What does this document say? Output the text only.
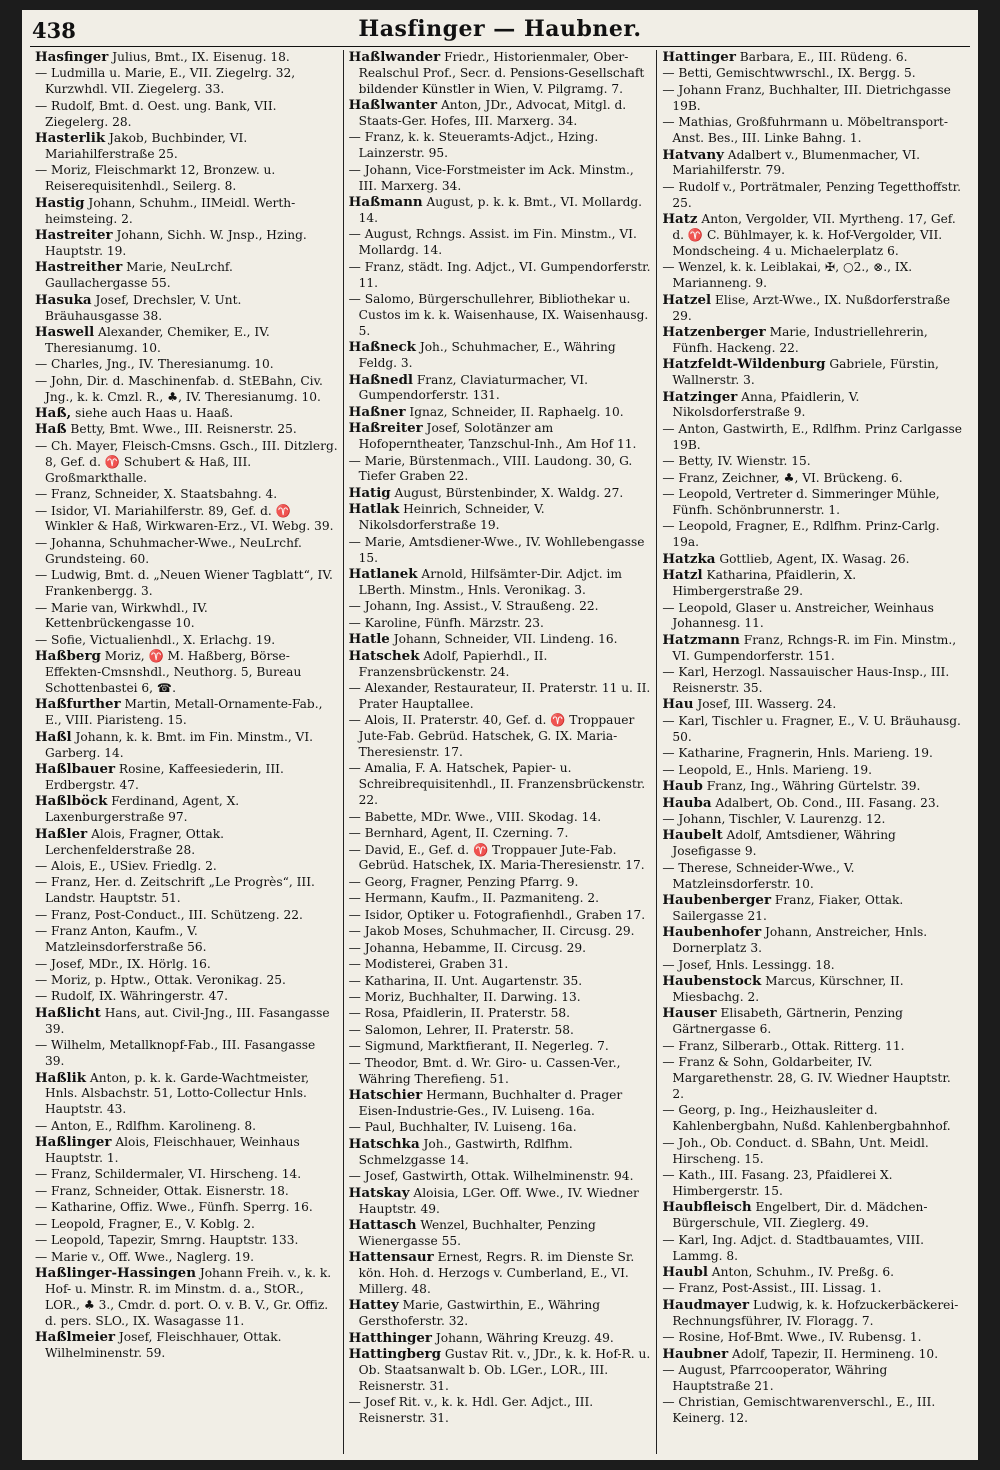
438	Hasfinger — Haubner.
Hasfinger Julius, Bmt., IX. Eisenug. 18.
— Ludmilla u. Marie, E., VII. Ziegelrg. 32, Kurzwhdl. VII. Ziegelerg. 33.
— Rudolf, Bmt. d. Oest. ung. Bank, VII. Ziegelerg. 28.
Hasterlik Jakob, Buchbinder, VI. Mariahilferstraße 25.
— Moriz, Fleischmarkt 12, Bronzew. u. Reiserequisitenhdl., Seilerg. 8.
Hastig Johann, Schuhm., IIMeidl. Werth-heimsteing. 2.
Hastreiter Johann, Sichh. W. Jnsp., Hzing. Hauptstr. 19.
Hastreither Marie, NeuLrchf. Gaullachergasse 55.
Hasuka Josef, Drechsler, V. Unt. Bräuhausgasse 38.
Haswell Alexander, Chemiker, E., IV. Theresianumg. 10.
— Charles, Jng., IV. Theresianumg. 10.
— John, Dir. d. Maschinenfab. d. StEBahn, Civ. Jng., k. k. Cmzl. R., ♣, IV. Theresianumg. 10.
Haß, siehe auch Haas u. Haaß.
Haß Betty, Bmt. Wwe., III. Reisnerstr. 25.
— Ch. Mayer, Fleisch-Cmsns. Gsch., III. Ditzlerg. 8, Gef. d. ♈ Schubert & Haß, III. Großmarkthalle.
— Franz, Schneider, X. Staatsbahng. 4.
— Isidor, VI. Mariahilferstr. 89, Gef. d. ♈ Winkler & Haß, Wirkwaren-Erz., VI. Webg. 39.
— Johanna, Schuhmacher-Wwe., NeuLrchf. Grundsteing. 60.
— Ludwig, Bmt. d. „Neuen Wiener Tagblatt“, IV. Frankenbergg. 3.
— Marie van, Wirkwhdl., IV. Kettenbrückengasse 10.
— Sofie, Victualienhdl., X. Erlachg. 19.
Haßberg Moriz, ♈ M. Haßberg, Börse-Effekten-Cmsnshdl., Neuthorg. 5, Bureau Schottenbastei 6, ☎.
Haßfurther Martin, Metall-Ornamente-Fab., E., VIII. Piaristeng. 15.
Haßl Johann, k. k. Bmt. im Fin. Minstm., VI. Garberg. 14.
Haßlbauer Rosine, Kaffeesiederin, III. Erdbergstr. 47.
Haßlböck Ferdinand, Agent, X. Laxenburgerstraße 97.
Haßler Alois, Fragner, Ottak. Lerchenfelderstraße 28.
— Alois, E., USiev. Friedlg. 2.
— Franz, Her. d. Zeitschrift „Le Progrès“, III. Landstr. Hauptstr. 51.
— Franz, Post-Conduct., III. Schützeng. 22.
— Franz Anton, Kaufm., V. Matzleinsdorferstraße 56.
— Josef, MDr., IX. Hörlg. 16.
— Moriz, p. Hptw., Ottak. Veronikag. 25.
— Rudolf, IX. Währingerstr. 47.
Haßlicht Hans, aut. Civil-Jng., III. Fasangasse 39.
— Wilhelm, Metallknopf-Fab., III. Fasangasse 39.
Haßlik Anton, p. k. k. Garde-Wachtmeister, Hnls. Alsbachstr. 51, Lotto-Collectur Hnls. Hauptstr. 43.
— Anton, E., Rdlfhm. Karolineng. 8.
Haßlinger Alois, Fleischhauer, Weinhaus Hauptstr. 1.
— Franz, Schildermaler, VI. Hirscheng. 14.
— Franz, Schneider, Ottak. Eisnerstr. 18.
— Katharine, Offiz. Wwe., Fünfh. Sperrg. 16.
— Leopold, Fragner, E., V. Koblg. 2.
— Leopold, Tapezir, Smrng. Hauptstr. 133.
— Marie v., Off. Wwe., Naglerg. 19.
Haßlinger-Hassingen Johann Freih. v., k. k. Hof- u. Minstr. R. im Minstm. d. a., StOR., LOR., ♣ 3., Cmdr. d. port. O. v. B. V., Gr. Offiz. d. pers. SLO., IX. Wasagasse 11.
Haßlmeier Josef, Fleischhauer, Ottak. Wilhelminenstr. 59.
Haßlwander Friedr., Historienmaler, Ober-Realschul Prof., Secr. d. Pensions-Gesellschaft bildender Künstler in Wien, V. Pilgramg. 7.
Haßlwanter Anton, JDr., Advocat, Mitgl. d. Staats-Ger. Hofes, III. Marxerg. 34.
— Franz, k. k. Steueramts-Adjct., Hzing. Lainzerstr. 95.
— Johann, Vice-Forstmeister im Ack. Minstm., III. Marxerg. 34.
Haßmann August, p. k. k. Bmt., VI. Mollardg. 14.
— August, Rchngs. Assist. im Fin. Minstm., VI. Mollardg. 14.
— Franz, städt. Ing. Adjct., VI. Gumpendorferstr. 11.
— Salomo, Bürgerschullehrer, Bibliothekar u. Custos im k. k. Waisenhause, IX. Waisenhausg. 5.
Haßneck Joh., Schuhmacher, E., Währing Feldg. 3.
Haßnedl Franz, Claviaturmacher, VI. Gumpendorferstr. 131.
Haßner Ignaz, Schneider, II. Raphaelg. 10.
Haßreiter Josef, Solotänzer am Hofoperntheater, Tanzschul-Inh., Am Hof 11.
— Marie, Bürstenmach., VIII. Laudong. 30, G. Tiefer Graben 22.
Hatig August, Bürstenbinder, X. Waldg. 27.
Hatlak Heinrich, Schneider, V. Nikolsdorferstraße 19.
— Marie, Amtsdiener-Wwe., IV. Wohllebengasse 15.
Hatlanek Arnold, Hilfsämter-Dir. Adjct. im LBerth. Minstm., Hnls. Veronikag. 3.
— Johann, Ing. Assist., V. Straußeng. 22.
— Karoline, Fünfh. Märzstr. 23.
Hatle Johann, Schneider, VII. Lindeng. 16.
Hatschek Adolf, Papierhdl., II. Franzensbrückenstr. 24.
— Alexander, Restaurateur, II. Praterstr. 11 u. II. Prater Hauptallee.
— Alois, II. Praterstr. 40, Gef. d. ♈ Troppauer Jute-Fab. Gebrüd. Hatschek, G. IX. Maria-Theresienstr. 17.
— Amalia, F. A. Hatschek, Papier- u. Schreibrequisitenhdl., II. Franzensbrückenstr. 22.
— Babette, MDr. Wwe., VIII. Skodag. 14.
— Bernhard, Agent, II. Czerning. 7.
— David, E., Gef. d. ♈ Troppauer Jute-Fab. Gebrüd. Hatschek, IX. Maria-Theresienstr. 17.
— Georg, Fragner, Penzing Pfarrg. 9.
— Hermann, Kaufm., II. Pazmaniteng. 2.
— Isidor, Optiker u. Fotografienhdl., Graben 17.
— Jakob Moses, Schuhmacher, II. Circusg. 29.
— Johanna, Hebamme, II. Circusg. 29.
— Modisterei, Graben 31.
— Katharina, II. Unt. Augartenstr. 35.
— Moriz, Buchhalter, II. Darwing. 13.
— Rosa, Pfaidlerin, II. Praterstr. 58.
— Salomon, Lehrer, II. Praterstr. 58.
— Sigmund, Marktfierant, II. Negerleg. 7.
— Theodor, Bmt. d. Wr. Giro- u. Cassen-Ver., Währing Therefieng. 51.
Hatschier Hermann, Buchhalter d. Prager Eisen-Industrie-Ges., IV. Luiseng. 16a.
— Paul, Buchhalter, IV. Luiseng. 16a.
Hatschka Joh., Gastwirth, Rdlfhm. Schmelzgasse 14.
— Josef, Gastwirth, Ottak. Wilhelminenstr. 94.
Hatskay Aloisia, LGer. Off. Wwe., IV. Wiedner Hauptstr. 49.
Hattasch Wenzel, Buchhalter, Penzing Wienergasse 55.
Hattensaur Ernest, Regrs. R. im Dienste Sr. kön. Hoh. d. Herzogs v. Cumberland, E., VI. Millerg. 48.
Hattey Marie, Gastwirthin, E., Währing Gersthoferstr. 32.
Hatthinger Johann, Währing Kreuzg. 49.
Hattingberg Gustav Rit. v., JDr., k. k. Hof-R. u. Ob. Staatsanwalt b. Ob. LGer., LOR., III. Reisnerstr. 31.
— Josef Rit. v., k. k. Hdl. Ger. Adjct., III. Reisnerstr. 31.
Hattinger Barbara, E., III. Rüdeng. 6.
— Betti, Gemischtwwrschl., IX. Bergg. 5.
— Johann Franz, Buchhalter, III. Dietrichgasse 19B.
— Mathias, Großfuhrmann u. Möbeltransport-Anst. Bes., III. Linke Bahng. 1.
Hatvany Adalbert v., Blumenmacher, VI. Mariahilferstr. 79.
— Rudolf v., Porträtmaler, Penzing Tegetthoffstr. 25.
Hatz Anton, Vergolder, VII. Myrtheng. 17, Gef. d. ♈ C. Bühlmayer, k. k. Hof-Vergolder, VII. Mondscheing. 4 u. Michaelerplatz 6.
— Wenzel, k. k. Leiblakai, ✠, ○2., ⊗., IX. Marianneng. 9.
Hatzel Elise, Arzt-Wwe., IX. Nußdorferstraße 29.
Hatzenberger Marie, Industriellehrerin, Fünfh. Hackeng. 22.
Hatzfeldt-Wildenburg Gabriele, Fürstin, Wallnerstr. 3.
Hatzinger Anna, Pfaidlerin, V. Nikolsdorferstraße 9.
— Anton, Gastwirth, E., Rdlfhm. Prinz Carlgasse 19B.
— Betty, IV. Wienstr. 15.
— Franz, Zeichner, ♣, VI. Brückeng. 6.
— Leopold, Vertreter d. Simmeringer Mühle, Fünfh. Schönbrunnerstr. 1.
— Leopold, Fragner, E., Rdlfhm. Prinz-Carlg. 19a.
Hatzka Gottlieb, Agent, IX. Wasag. 26.
Hatzl Katharina, Pfaidlerin, X. Himbergerstraße 29.
— Leopold, Glaser u. Anstreicher, Weinhaus Johannesg. 11.
Hatzmann Franz, Rchngs-R. im Fin. Minstm., VI. Gumpendorferstr. 151.
— Karl, Herzogl. Nassauischer Haus-Insp., III. Reisnerstr. 35.
Hau Josef, III. Wasserg. 24.
— Karl, Tischler u. Fragner, E., V. U. Bräuhausg. 50.
— Katharine, Fragnerin, Hnls. Marieng. 19.
— Leopold, E., Hnls. Marieng. 19.
Haub Franz, Ing., Währing Gürtelstr. 39.
Hauba Adalbert, Ob. Cond., III. Fasang. 23.
— Johann, Tischler, V. Laurenzg. 12.
Haubelt Adolf, Amtsdiener, Währing Josefigasse 9.
— Therese, Schneider-Wwe., V. Matzleinsdorferstr. 10.
Haubenberger Franz, Fiaker, Ottak. Sailergasse 21.
Haubenhofer Johann, Anstreicher, Hnls. Dornerplatz 3.
— Josef, Hnls. Lessingg. 18.
Haubenstock Marcus, Kürschner, II. Miesbachg. 2.
Hauser Elisabeth, Gärtnerin, Penzing Gärtnergasse 6.
— Franz, Silberarb., Ottak. Ritterg. 11.
— Franz & Sohn, Goldarbeiter, IV. Margarethenstr. 28, G. IV. Wiedner Hauptstr. 2.
— Georg, p. Ing., Heizhausleiter d. Kahlenbergbahn, Nußd. Kahlenbergbahnhof.
— Joh., Ob. Conduct. d. SBahn, Unt. Meidl. Hirscheng. 15.
— Kath., III. Fasang. 23, Pfaidlerei X. Himbergerstr. 15.
Haubfleisch Engelbert, Dir. d. Mädchen-Bürgerschule, VII. Zieglerg. 49.
— Karl, Ing. Adjct. d. Stadtbauamtes, VIII. Lammg. 8.
Haubl Anton, Schuhm., IV. Preßg. 6.
— Franz, Post-Assist., III. Lissag. 1.
Haudmayer Ludwig, k. k. Hofzuckerbäckerei-Rechnungsführer, IV. Floragg. 7.
— Rosine, Hof-Bmt. Wwe., IV. Rubensg. 1.
Haubner Adolf, Tapezir, II. Hermineng. 10.
— August, Pfarrcooperator, Währing Hauptstraße 21.
— Christian, Gemischtwarenverschl., E., III. Keinerg. 12.
